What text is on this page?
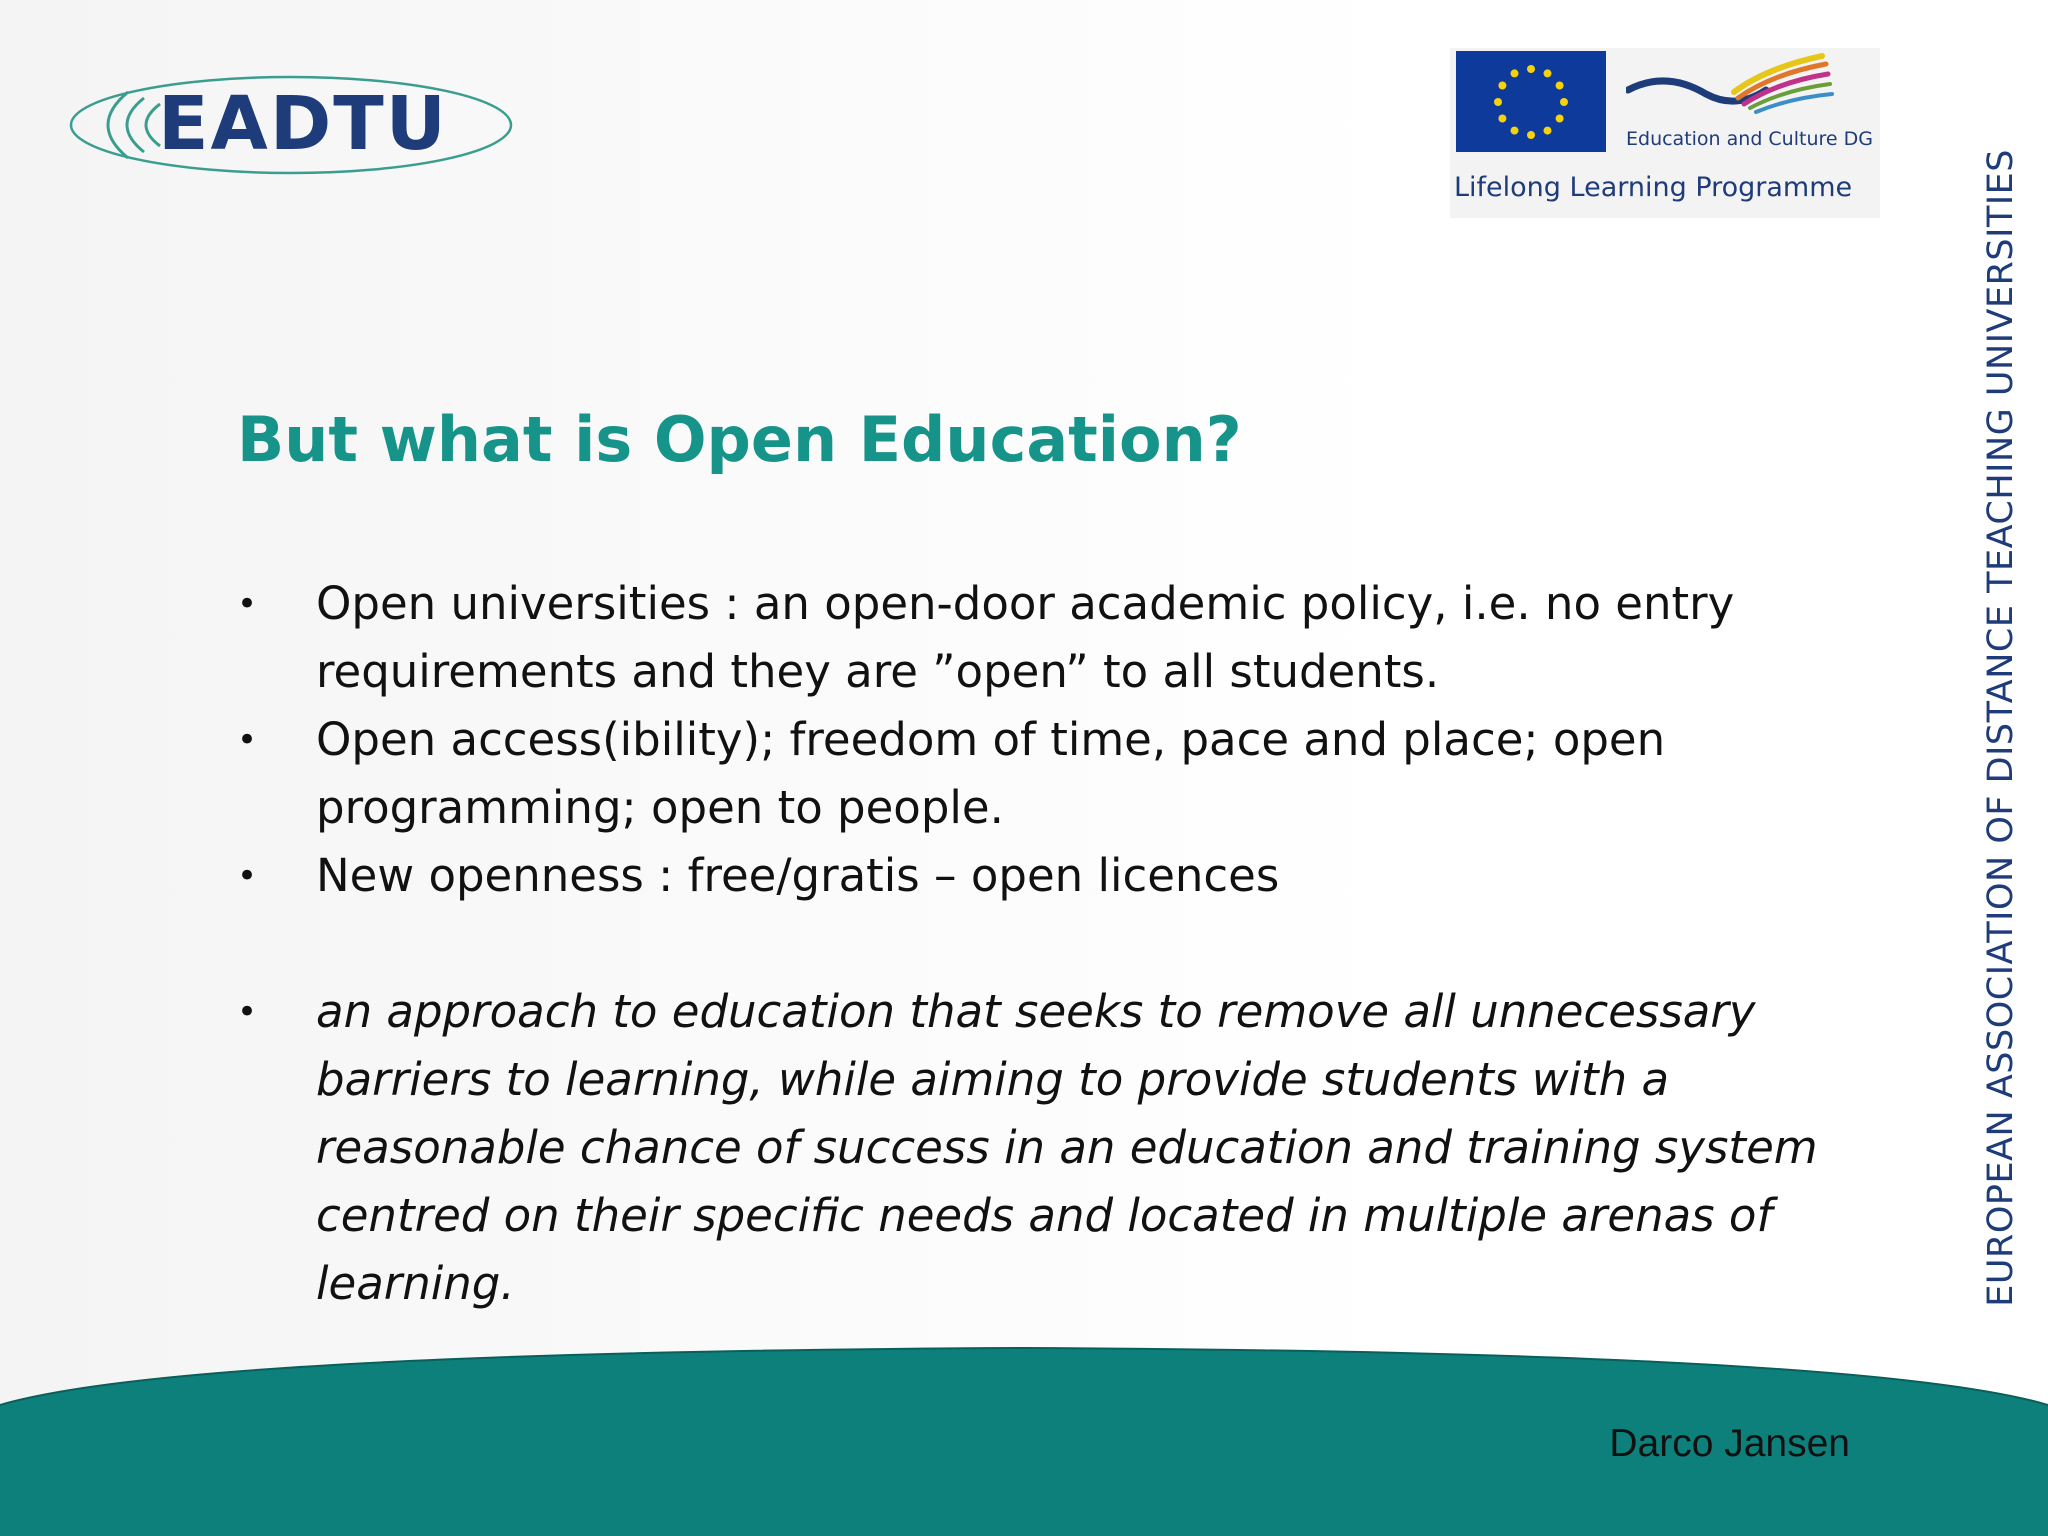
EADTU	Education and Culture DG
Lifelong Learning Programme	EUROPEAN ASSOCIATION OF DISTANCE TEACHING UNIVERSITIES
But what is Open Education?
• Open universities : an open-door academic policy, i.e. no entry requirements and they are ”open” to all students.
• Open access(ibility); freedom of time, pace and place; open programming; open to people.
• New openness : free/gratis – open licences
• an approach to education that seeks to remove all unnecessary barriers to learning, while aiming to provide students with a reasonable chance of success in an education and training system centred on their specific needs and located in multiple arenas of learning.
Darco Jansen
